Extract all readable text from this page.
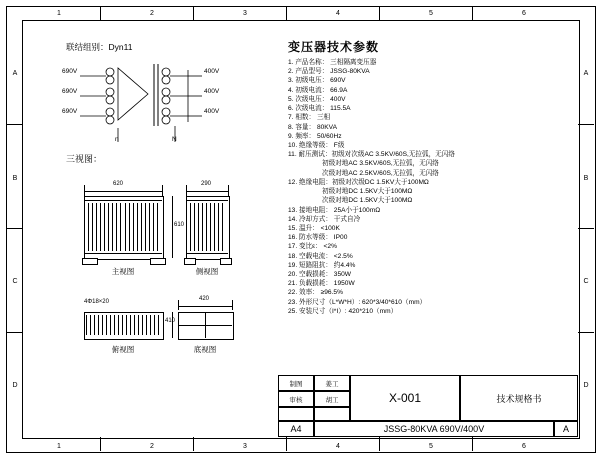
1	2	3	4	5	6
1	2	3	4	5	6
A
B
C
D
A
B
C
D
联结组别：Dyn11
690V
690V
690V
400V
400V
400V
N
n
三视图：
620
610
主视图
290
侧视图
4Φ18×20
俯视图
420
410
底视图
变压器技术参数
1. 产品名称： 三相隔离变压器
2. 产品型号： JSSG-80KVA
3. 初级电压： 690V
4. 初级电流： 66.9A
5. 次级电压： 400V
6. 次级电流： 115.5A
7. 相数： 三相
8. 容量： 80KVA
9. 频率： 50/60Hz
10. 绝缘等级： F级
11. 耐压测试：初级对次级AC 3.5KV/60S,无拉弧，无闪络
初级对地AC 3.5KV/60S,无拉弧，无闪络
次级对地AC 2.5KV/60S,无拉弧，无闪络
12. 绝缘电阻：初级对次级DC 1.5KV大于100MΩ
初级对地DC 1.5KV大于100MΩ
次级对地DC 1.5KV大于100MΩ
13. 接地电阻： 25A小于100mΩ
14. 冷却方式： 干式自冷
15. 温升： <100K
16. 防水等级： IP00
17. 变比ε： <2%
18. 空载电流： <2.5%
19. 短路阻抗： 约4.4%
20. 空载损耗： 350W
21. 负载损耗： 1950W
22. 效率： ≥96.5%
23. 外形尺寸（L*W*H）: 620*3/40*610（mm）
25. 安装尺寸（I*I）: 420*210（mm）
制图	姜工
审核	胡工	X-001	技术规格书
A4	JSSG-80KVA 690V/400V	A
